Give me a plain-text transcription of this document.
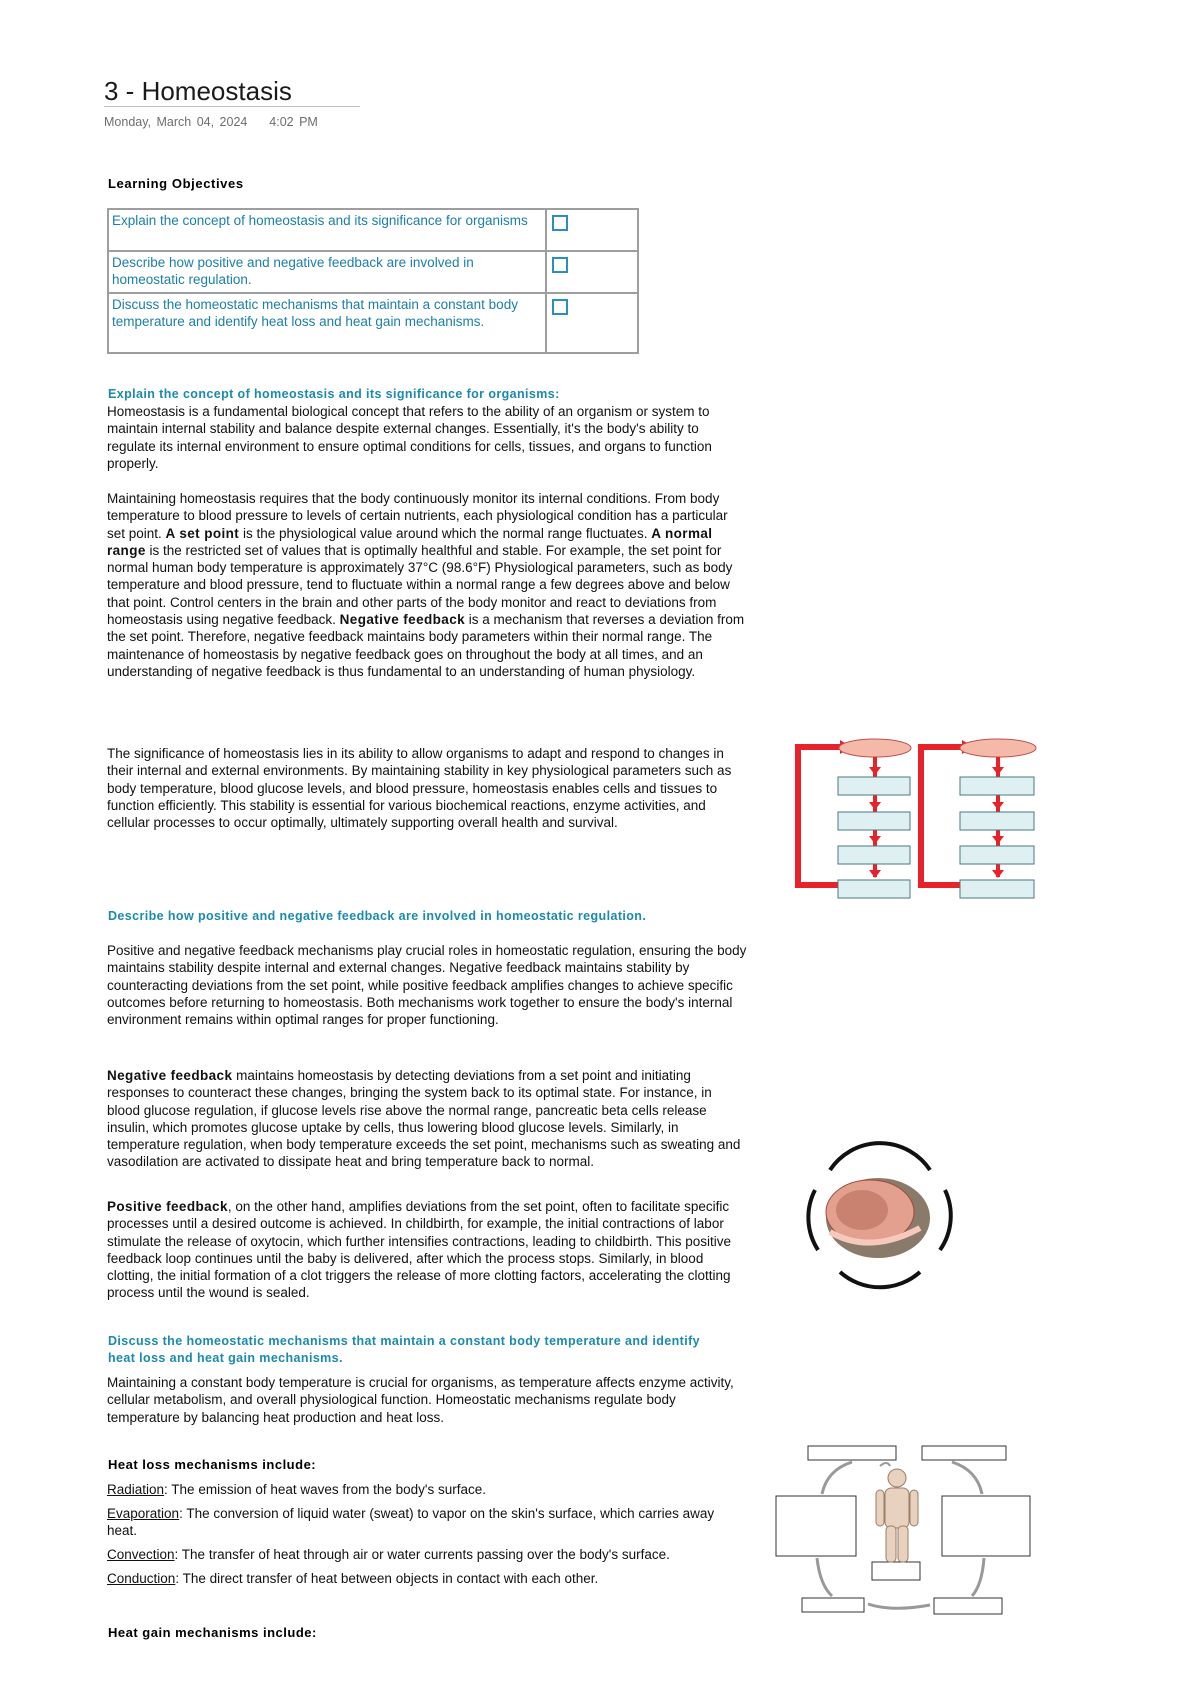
3 - Homeostasis
Monday, March 04, 2024 4:02 PM
Learning Objectives
Explain the concept of homeostasis and its significance for organisms	

Describe how positive and negative feedback are involved in homeostatic regulation.	

Discuss the homeostatic mechanisms that maintain a constant body temperature and identify heat loss and heat gain mechanisms.	
Explain the concept of homeostasis and its significance for organisms:
Homeostasis is a fundamental biological concept that refers to the ability of an organism or system to maintain internal stability and balance despite external changes. Essentially, it's the body's ability to regulate its internal environment to ensure optimal conditions for cells, tissues, and organs to function properly.
Maintaining homeostasis requires that the body continuously monitor its internal conditions. From body temperature to blood pressure to levels of certain nutrients, each physiological condition has a particular set point. A set point is the physiological value around which the normal range fluctuates. A normal range is the restricted set of values that is optimally healthful and stable. For example, the set point for normal human body temperature is approximately 37°C (98.6°F) Physiological parameters, such as body temperature and blood pressure, tend to fluctuate within a normal range a few degrees above and below that point. Control centers in the brain and other parts of the body monitor and react to deviations from homeostasis using negative feedback. Negative feedback is a mechanism that reverses a deviation from the set point. Therefore, negative feedback maintains body parameters within their normal range. The maintenance of homeostasis by negative feedback goes on throughout the body at all times, and an understanding of negative feedback is thus fundamental to an understanding of human physiology.
The significance of homeostasis lies in its ability to allow organisms to adapt and respond to changes in their internal and external environments. By maintaining stability in key physiological parameters such as body temperature, blood glucose levels, and blood pressure, homeostasis enables cells and tissues to function efficiently. This stability is essential for various biochemical reactions, enzyme activities, and cellular processes to occur optimally, ultimately supporting overall health and survival.
Describe how positive and negative feedback are involved in homeostatic regulation.
Positive and negative feedback mechanisms play crucial roles in homeostatic regulation, ensuring the body maintains stability despite internal and external changes. Negative feedback maintains stability by counteracting deviations from the set point, while positive feedback amplifies changes to achieve specific outcomes before returning to homeostasis. Both mechanisms work together to ensure the body's internal environment remains within optimal ranges for proper functioning.
Negative feedback maintains homeostasis by detecting deviations from a set point and initiating responses to counteract these changes, bringing the system back to its optimal state. For instance, in blood glucose regulation, if glucose levels rise above the normal range, pancreatic beta cells release insulin, which promotes glucose uptake by cells, thus lowering blood glucose levels. Similarly, in temperature regulation, when body temperature exceeds the set point, mechanisms such as sweating and vasodilation are activated to dissipate heat and bring temperature back to normal.
Positive feedback, on the other hand, amplifies deviations from the set point, often to facilitate specific processes until a desired outcome is achieved. In childbirth, for example, the initial contractions of labor stimulate the release of oxytocin, which further intensifies contractions, leading to childbirth. This positive feedback loop continues until the baby is delivered, after which the process stops. Similarly, in blood clotting, the initial formation of a clot triggers the release of more clotting factors, accelerating the clotting process until the wound is sealed.
Discuss the homeostatic mechanisms that maintain a constant body temperature and identify heat loss and heat gain mechanisms.
Maintaining a constant body temperature is crucial for organisms, as temperature affects enzyme activity, cellular metabolism, and overall physiological function. Homeostatic mechanisms regulate body temperature by balancing heat production and heat loss.
Heat loss mechanisms include:
Radiation: The emission of heat waves from the body's surface.
Evaporation: The conversion of liquid water (sweat) to vapor on the skin's surface, which carries away heat.
Convection: The transfer of heat through air or water currents passing over the body's surface.
Conduction: The direct transfer of heat between objects in contact with each other.
Heat gain mechanisms include:
